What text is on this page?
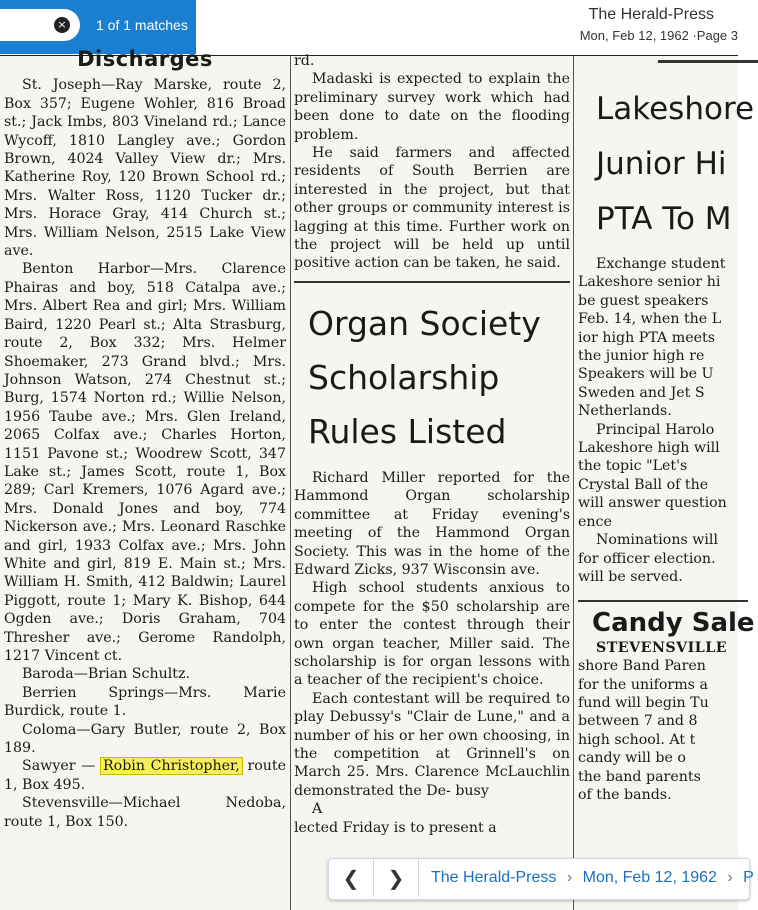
× 1 of 1 matches
The Herald-Press
Mon, Feb 12, 1962 ·Page 3
Discharges

St. Joseph—Ray Marske, route 2, Box 357; Eugene Wohler, 816 Broad st.; Jack Imbs, 803 Vineland rd.; Lance Wycoff, 1810 Langley ave.; Gordon Brown, 4024 Valley View dr.; Mrs. Katherine Roy, 120 Brown School rd.; Mrs. Walter Ross, 1120 Tucker dr.; Mrs. Horace Gray, 414 Church st.; Mrs. William Nelson, 2515 Lake View ave.

Benton Harbor—Mrs. Clarence Phairas and boy, 518 Catalpa ave.; Mrs. Albert Rea and girl; Mrs. William Baird, 1220 Pearl st.; Alta Strasburg, route 2, Box 332; Mrs. Helmer Shoemaker, 273 Grand blvd.; Mrs. Johnson Watson, 274 Chestnut st.; Burg, 1574 Norton rd.; Willie Nelson, 1956 Taube ave.; Mrs. Glen Ireland, 2065 Colfax ave.; Charles Horton, 1151 Pavone st.; Woodrew Scott, 347 Lake st.; James Scott, route 1, Box 289; Carl Kremers, 1076 Agard ave.; Mrs. Donald Jones and boy, 774 Nickerson ave.; Mrs. Leonard Raschke and girl, 1933 Colfax ave.; Mrs. John White and girl, 819 E. Main st.; Mrs. William H. Smith, 412 Baldwin; Laurel Piggott, route 1; Mary K. Bishop, 644 Ogden ave.; Doris Graham, 704 Thresher ave.; Gerome Randolph, 1217 Vincent ct.

Baroda—Brian Schultz.

Berrien Springs—Mrs. Marie Burdick, route 1.

Coloma—Gary Butler, route 2, Box 189.

Sawyer — Robin Christopher, route 1, Box 495.

Stevensville—Michael Nedoba, route 1, Box 150.

rd.

Madaski is expected to explain the preliminary survey work which had been done to date on the flooding problem.

He said farmers and affected residents of South Berrien are interested in the project, but that other groups or community interest is lagging at this time. Further work on the project will be held up until positive action can be taken, he said.

Organ Society
Scholarship
Rules Listed

Richard Miller reported for the Hammond Organ scholarship committee at Friday evening's meeting of the Hammond Organ Society. This was in the home of the Edward Zicks, 937 Wisconsin ave.

High school students anxious to compete for the $50 scholarship are to enter the contest through their own organ teacher, Miller said. The scholarship is for organ lessons with a teacher of the recipient's choice.

Each contestant will be required to play Debussy's "Clair de Lune," and a number of his or her own choosing, in the competition at Grinnell's on March 25. Mrs. Clarence McLauchlin demonstrated the De- busy

A

lected Friday is to present a

Lakeshore
Junior Hi
PTA To M

Exchange student

Lakeshore senior hi

be guest speakers

Feb. 14, when the L

ior high PTA meets

the junior high re

Speakers will be U

Sweden and Jet S

Netherlands.

Principal Harolo

Lakeshore high will

the topic "Let's

Crystal Ball of the

will answer question

ence

Nominations will

for officer election.

will be served.

Candy Sale

STEVENSVILLE

shore Band Paren

for the uniforms a

fund will begin Tu

between 7 and 8

high school. At t

candy will be o

the band parents

of the bands.

❮	❯	The Herald-Press › Mon, Feb 12, 1962 › P
